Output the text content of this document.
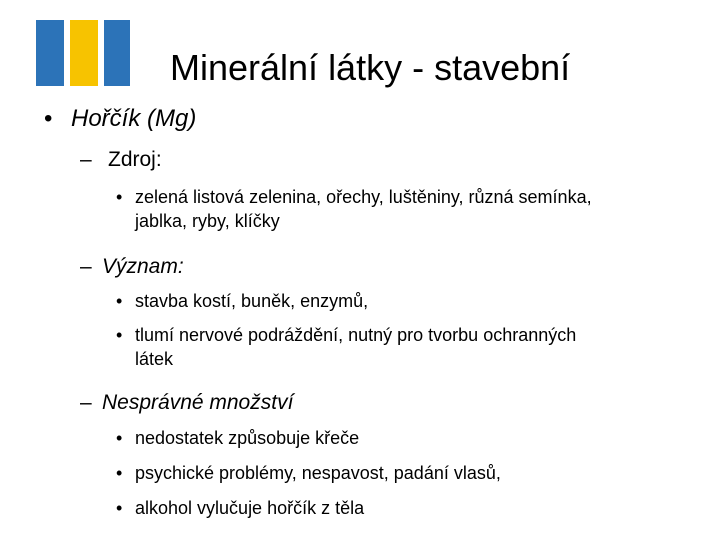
Minerální látky - stavební
• Hořčík (Mg)
– Zdroj:
• zelená listová zelenina, ořechy, luštěniny, různá semínka, jablka, ryby, klíčky
– Význam:
• stavba kostí, buněk, enzymů,
• tlumí nervové podráždění, nutný pro tvorbu ochranných látek
– Nesprávné množství
• nedostatek způsobuje křeče
• psychické problémy, nespavost, padání vlasů,
• alkohol vylučuje hořčík z těla
